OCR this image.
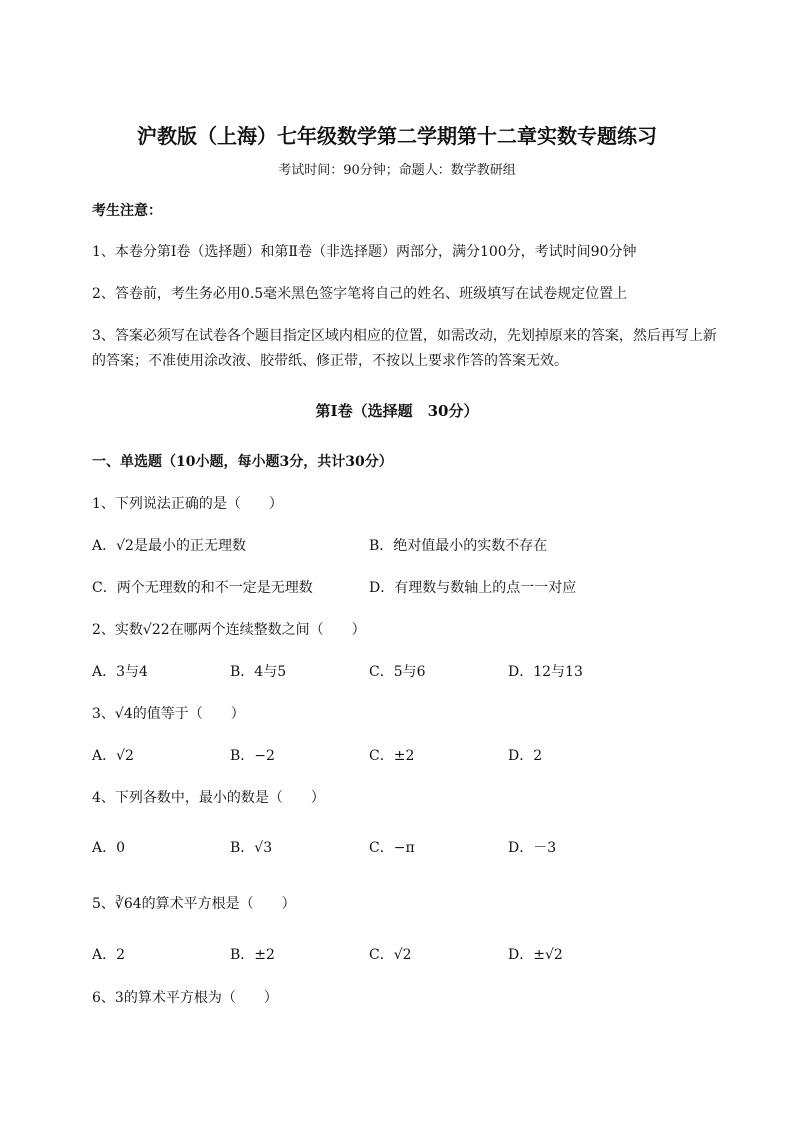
沪教版（上海）七年级数学第二学期第十二章实数专题练习
考试时间：90分钟；命题人：数学教研组
考生注意：
1、本卷分第Ⅰ卷（选择题）和第Ⅱ卷（非选择题）两部分，满分100分，考试时间90分钟
2、答卷前，考生务必用0.5毫米黑色签字笔将自己的姓名、班级填写在试卷规定位置上
3、答案必须写在试卷各个题目指定区域内相应的位置，如需改动，先划掉原来的答案，然后再写上新
的答案；不准使用涂改液、胶带纸、修正带，不按以上要求作答的答案无效。
第Ⅰ卷（选择题　30分）
一、单选题（10小题，每小题3分，共计30分）
1、下列说法正确的是（　　）
A．√2是最小的正无理数	B．绝对值最小的实数不存在
C．两个无理数的和不一定是无理数	D．有理数与数轴上的点一一对应
2、实数√22在哪两个连续整数之间（　　）
A．3与4	B．4与5	C．5与6	D．12与13
3、√4的值等于（　　）
A．√2	B．−2	C．±2	D．2
4、下列各数中，最小的数是（　　）
A．0	B．√3	C．−π	D．－3
5、∛64的算术平方根是（　　）
A．2	B．±2	C．√2	D．±√2
6、3的算术平方根为（　　）
